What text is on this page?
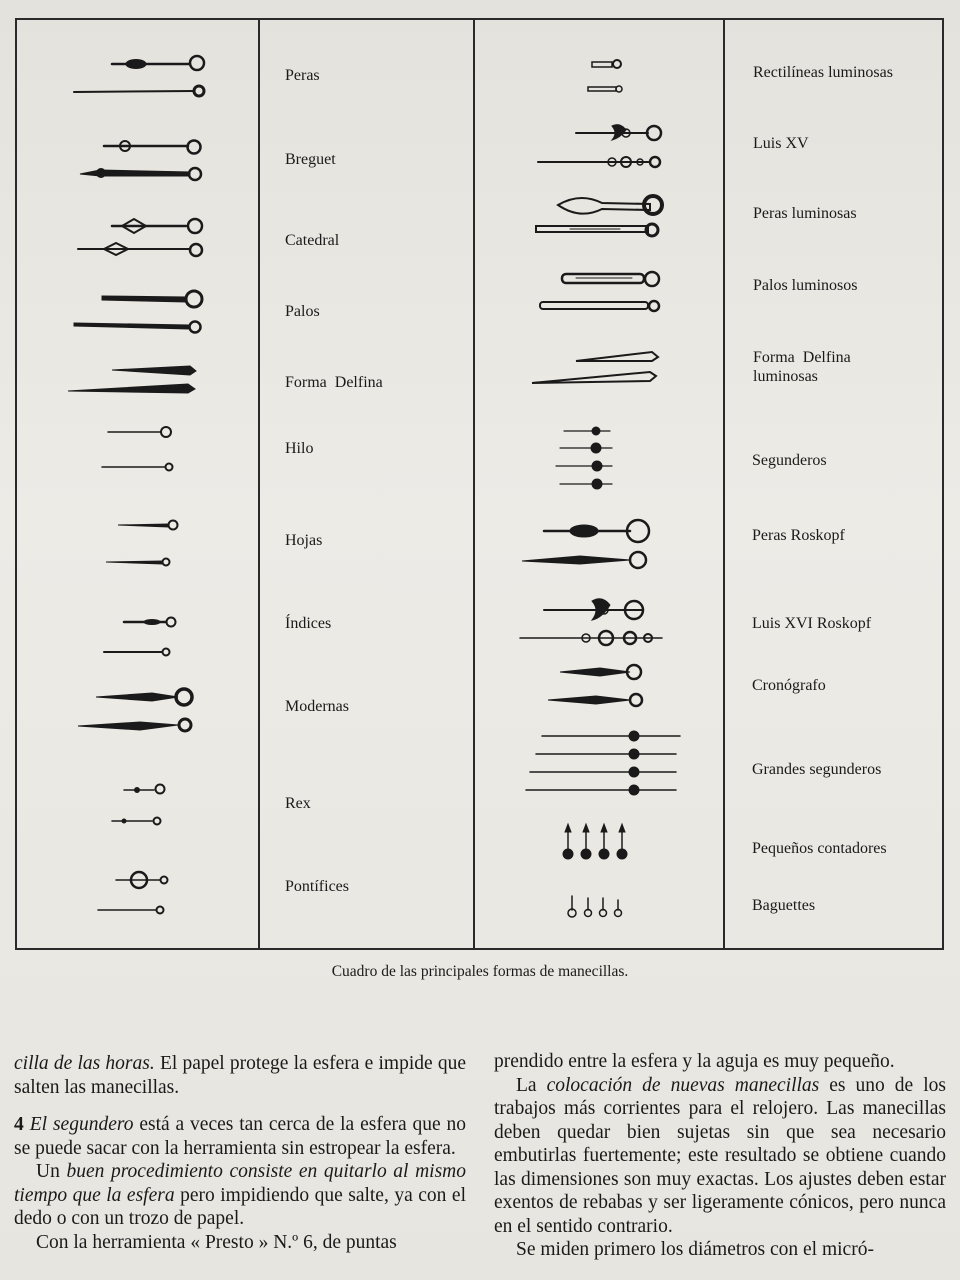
Peras
Breguet
Catedral
Palos
Forma  Delfina
Hilo
Hojas
Índices
Modernas
Rex
Pontífices
Rectilíneas luminosas
Luis XV
Peras luminosas
Palos luminosos
Forma  Delfina
luminosas
Segunderos
Peras Roskopf
Luis XVI Roskopf
Cronógrafo
Grandes segunderos
Pequeños contadores
Baguettes
Cuadro de las principales formas de manecillas.

cilla de las horas. El papel protege la esfera e impide que salten las manecillas.

4 El segundero está a veces tan cerca de la esfera que no se puede sacar con la herramienta sin estropear la esfera.

Un buen procedimiento consiste en quitarlo al mismo tiempo que la esfera pero impidiendo que salte, ya con el dedo o con un trozo de papel.

Con la herramienta « Presto » N.º 6, de puntas

prendido entre la esfera y la aguja es muy pequeño.

La colocación de nuevas manecillas es uno de los trabajos más corrientes para el relojero. Las manecillas deben quedar bien sujetas sin que sea necesario embutirlas fuertemente; este resultado se obtiene cuando las dimensiones son muy exactas. Los ajustes deben estar exentos de rebabas y ser ligeramente cónicos, pero nunca en el sentido contrario.

Se miden primero los diámetros con el micró-
